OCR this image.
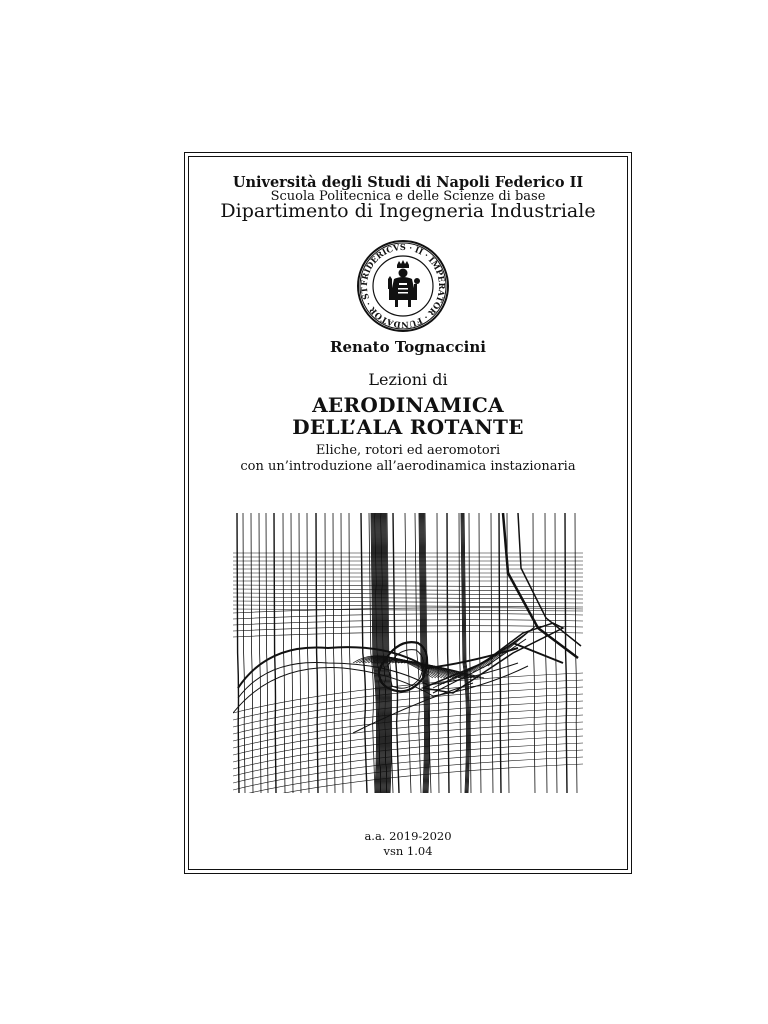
Università degli Studi di Napoli Federico II
Scuola Politecnica e delle Scienze di base
Dipartimento di Ingegneria Industriale
FRIDERICVS · II · IMPERATOR · FUNDATOR · ST
Renato Tognaccini
Lezioni di
AERODINAMICA
DELL’ALA ROTANTE
Eliche, rotori ed aeromotori
con un’introduzione all’aerodinamica instazionaria
a.a. 2019-2020
vsn 1.04
